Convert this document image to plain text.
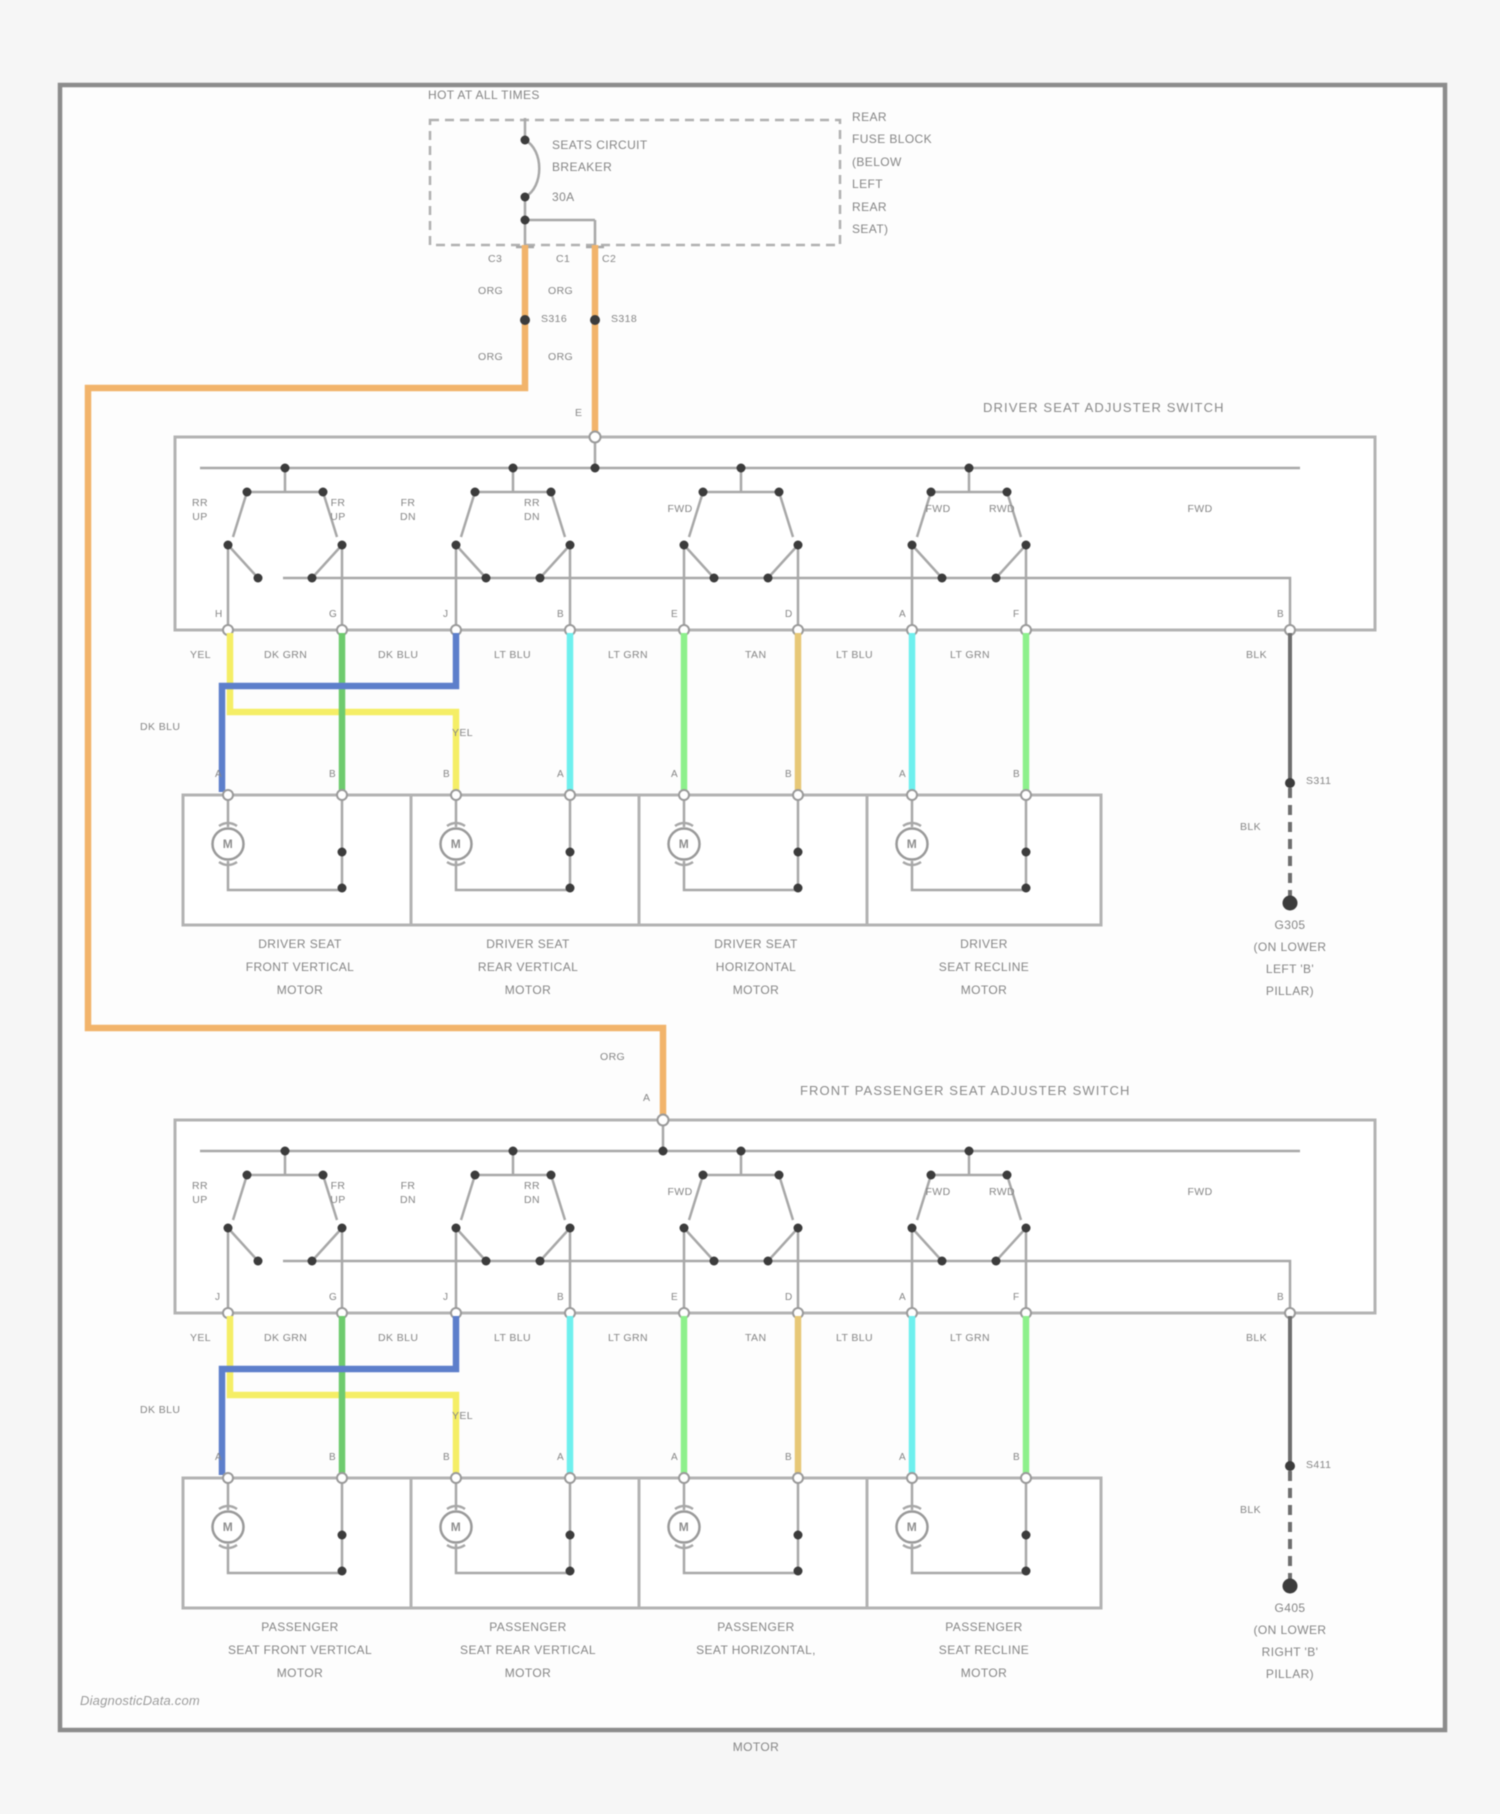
HOT AT ALL TIMES
SEATS CIRCUIT
BREAKER
30A
REAR
FUSE BLOCK
(BELOW
LEFT
REAR
SEAT)
C3	C1	C2
ORG	ORG
S316	S318
ORG	ORG
E	DRIVER SEAT ADJUSTER SWITCH
RR
UP
FR
UP
FR
DN
RR
DN
FWD	FWD	RWD	FWD
H	G	J	B	E	D	A	F	B
YEL	DK GRN	DK BLU	LT BLU	LT GRN	TAN	LT BLU	LT GRN	BLK
DK BLU	YEL
A	B	B	A	A	B	A	B
M	M	M	M
DRIVER SEAT
FRONT VERTICAL
MOTOR
DRIVER SEAT
REAR VERTICAL
MOTOR
DRIVER SEAT
HORIZONTAL
MOTOR
DRIVER
SEAT RECLINE
MOTOR
S311
BLK
G305
(ON LOWER
LEFT 'B'
PILLAR)
ORG
A	FRONT PASSENGER SEAT ADJUSTER SWITCH
RR
UP
FR
UP
FR
DN
RR
DN
FWD	FWD	RWD	FWD
J	G	J	B	E	D	A	F	B
YEL	DK GRN	DK BLU	LT BLU	LT GRN	TAN	LT BLU	LT GRN	BLK
DK BLU	YEL
A	B	B	A	A	B	A	B
M	M	M	M
PASSENGER
SEAT FRONT VERTICAL
MOTOR
PASSENGER
SEAT REAR VERTICAL
MOTOR
PASSENGER
SEAT HORIZONTAL,
MOTOR
PASSENGER
SEAT RECLINE
MOTOR
S411
BLK
G405
(ON LOWER
RIGHT 'B'
PILLAR)
DiagnosticData.com
